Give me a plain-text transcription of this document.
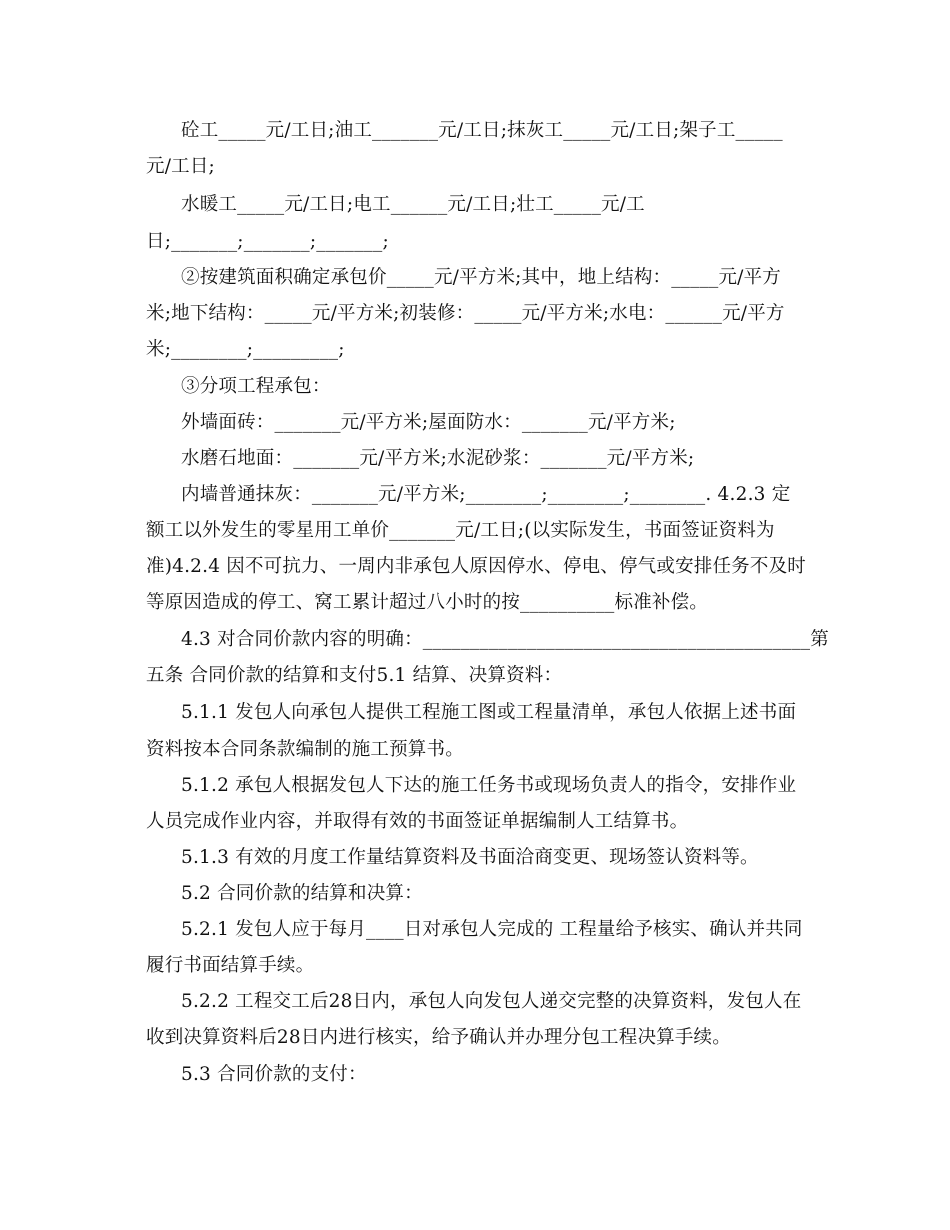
砼工_____元/工日;油工_______元/工日;抹灰工_____元/工日;架子工_____
元/工日;
水暖工_____元/工日;电工______元/工日;壮工_____元/工
日;_______;_______;_______;
②按建筑面积确定承包价_____元/平方米;其中，地上结构：_____元/平方
米;地下结构：_____元/平方米;初装修：_____元/平方米;水电：______元/平方
米;________;_________;
③分项工程承包：
外墙面砖：_______元/平方米;屋面防水：_______元/平方米;
水磨石地面：_______元/平方米;水泥砂浆：_______元/平方米;
内墙普通抹灰：_______元/平方米;________;________;________. 4.2.3 定
额工以外发生的零星用工单价_______元/工日;(以实际发生，书面签证资料为
准)4.2.4 因不可抗力、一周内非承包人原因停水、停电、停气或安排任务不及时
等原因造成的停工、窝工累计超过八小时的按__________标准补偿。
4.3 对合同价款内容的明确：_________________________________________第
五条 合同价款的结算和支付5.1 结算、决算资料：
5.1.1 发包人向承包人提供工程施工图或工程量清单，承包人依据上述书面
资料按本合同条款编制的施工预算书。
5.1.2 承包人根据发包人下达的施工任务书或现场负责人的指令，安排作业
人员完成作业内容，并取得有效的书面签证单据编制人工结算书。
5.1.3 有效的月度工作量结算资料及书面洽商变更、现场签认资料等。
5.2 合同价款的结算和决算：
5.2.1 发包人应于每月____日对承包人完成的 工程量给予核实、确认并共同
履行书面结算手续。
5.2.2 工程交工后28日内，承包人向发包人递交完整的决算资料，发包人在
收到决算资料后28日内进行核实，给予确认并办理分包工程决算手续。
5.3 合同价款的支付：
